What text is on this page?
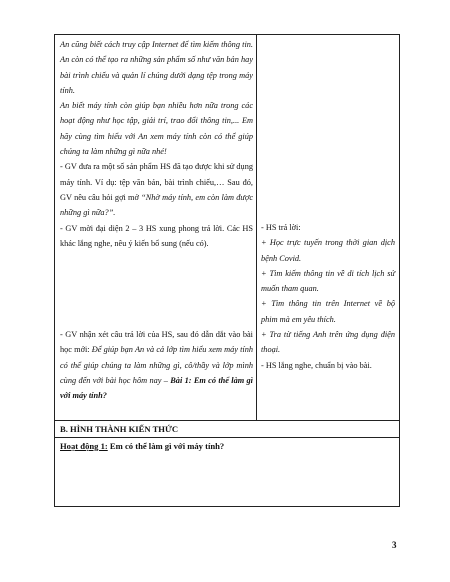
An cũng biết cách truy cập Internet để tìm kiếm thông tin. An còn có thể tạo ra những sản phẩm số như văn bản hay bài trình chiếu và quản lí chúng dưới dạng tệp trong máy tính.

An biết máy tính còn giúp bạn nhiều hơn nữa trong các hoạt động như học tập, giải trí, trao đổi thông tin,... Em hãy cùng tìm hiểu với An xem máy tính còn có thể giúp chúng ta làm những gì nữa nhé!

- GV đưa ra một số sản phẩm HS đã tạo được khi sử dụng máy tính. Ví dụ: tệp văn bản, bài trình chiếu,… Sau đó, GV nêu câu hỏi gợi mở “Nhờ máy tính, em còn làm được những gì nữa?”.

- GV mời đại diện 2 – 3 HS xung phong trả lời. Các HS khác lắng nghe, nêu ý kiến bổ sung (nếu có).

- GV nhận xét câu trả lời của HS, sau đó dẫn dắt vào bài học mới: Để giúp bạn An và cả lớp tìm hiểu xem máy tính có thể giúp chúng ta làm những gì, cô/thầy và lớp mình cùng đến với bài học hôm nay – Bài 1: Em có thể làm gì với máy tính?

- HS trả lời:

+ Học trực tuyến trong thời gian dịch bệnh Covid.

+ Tìm kiếm thông tin về di tích lịch sử muốn tham quan.

+ Tìm thông tin trên Internet về bộ phim mà em yêu thích.

+ Tra từ tiếng Anh trên ứng dụng điện thoại.

- HS lắng nghe, chuẩn bị vào bài.

B. HÌNH THÀNH KIẾN THỨC
Hoạt động 1: Em có thể làm gì với máy tính?
3
